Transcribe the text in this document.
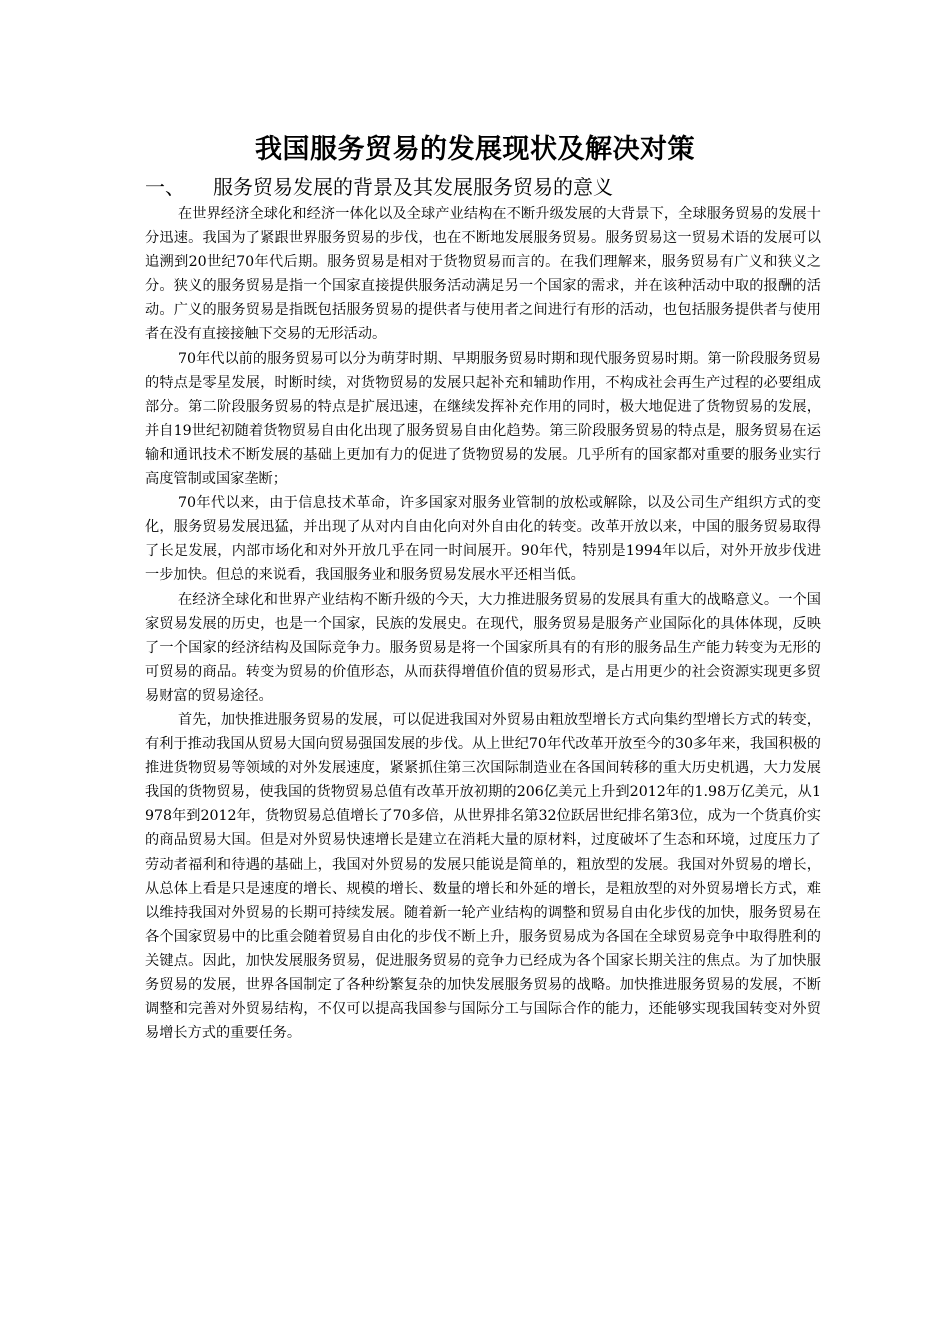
我国服务贸易的发展现状及解决对策
一、 服务贸易发展的背景及其发展服务贸易的意义

在世界经济全球化和经济一体化以及全球产业结构在不断升级发展的大背景下，全球服务贸易的发展十分迅速。我国为了紧跟世界服务贸易的步伐，也在不断地发展服务贸易。服务贸易这一贸易术语的发展可以追溯到20世纪70年代后期。服务贸易是相对于货物贸易而言的。在我们理解来，服务贸易有广义和狭义之分。狭义的服务贸易是指一个国家直接提供服务活动满足另一个国家的需求，并在该种活动中取的报酬的活动。广义的服务贸易是指既包括服务贸易的提供者与使用者之间进行有形的活动，也包括服务提供者与使用者在没有直接接触下交易的无形活动。

70年代以前的服务贸易可以分为萌芽时期、早期服务贸易时期和现代服务贸易时期。第一阶段服务贸易的特点是零星发展，时断时续，对货物贸易的发展只起补充和辅助作用，不构成社会再生产过程的必要组成部分。第二阶段服务贸易的特点是扩展迅速，在继续发挥补充作用的同时，极大地促进了货物贸易的发展，并自19世纪初随着货物贸易自由化出现了服务贸易自由化趋势。第三阶段服务贸易的特点是，服务贸易在运输和通讯技术不断发展的基础上更加有力的促进了货物贸易的发展。几乎所有的国家都对重要的服务业实行高度管制或国家垄断；

70年代以来，由于信息技术革命，许多国家对服务业管制的放松或解除，以及公司生产组织方式的变化，服务贸易发展迅猛，并出现了从对内自由化向对外自由化的转变。改革开放以来，中国的服务贸易取得了长足发展，内部市场化和对外开放几乎在同一时间展开。90年代，特别是1994年以后，对外开放步伐进一步加快。但总的来说看，我国服务业和服务贸易发展水平还相当低。

在经济全球化和世界产业结构不断升级的今天，大力推进服务贸易的发展具有重大的战略意义。一个国家贸易发展的历史，也是一个国家，民族的发展史。在现代，服务贸易是服务产业国际化的具体体现，反映了一个国家的经济结构及国际竞争力。服务贸易是将一个国家所具有的有形的服务品生产能力转变为无形的可贸易的商品。转变为贸易的价值形态，从而获得增值价值的贸易形式，是占用更少的社会资源实现更多贸易财富的贸易途径。

首先，加快推进服务贸易的发展，可以促进我国对外贸易由粗放型增长方式向集约型增长方式的转变，有利于推动我国从贸易大国向贸易强国发展的步伐。从上世纪70年代改革开放至今的30多年来，我国积极的推进货物贸易等领域的对外发展速度，紧紧抓住第三次国际制造业在各国间转移的重大历史机遇，大力发展我国的货物贸易，使我国的货物贸易总值有改革开放初期的206亿美元上升到2012年的1.98万亿美元，从1978年到2012年，货物贸易总值增长了70多倍，从世界排名第32位跃居世纪排名第3位，成为一个货真价实的商品贸易大国。但是对外贸易快速增长是建立在消耗大量的原材料，过度破坏了生态和环境，过度压力了劳动者福利和待遇的基础上，我国对外贸易的发展只能说是简单的，粗放型的发展。我国对外贸易的增长，从总体上看是只是速度的增长、规模的增长、数量的增长和外延的增长，是粗放型的对外贸易增长方式，难以维持我国对外贸易的长期可持续发展。随着新一轮产业结构的调整和贸易自由化步伐的加快，服务贸易在各个国家贸易中的比重会随着贸易自由化的步伐不断上升，服务贸易成为各国在全球贸易竞争中取得胜利的关键点。因此，加快发展服务贸易，促进服务贸易的竞争力已经成为各个国家长期关注的焦点。为了加快服务贸易的发展，世界各国制定了各种纷繁复杂的加快发展服务贸易的战略。加快推进服务贸易的发展，不断调整和完善对外贸易结构，不仅可以提高我国参与国际分工与国际合作的能力，还能够实现我国转变对外贸易增长方式的重要任务。
